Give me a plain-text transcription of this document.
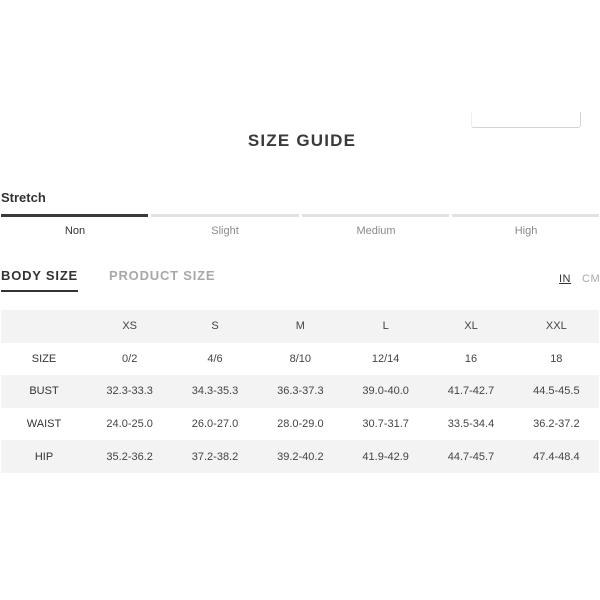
SIZE GUIDE
Stretch
Non	Slight	Medium	High
BODY SIZE PRODUCT SIZE	IN CM
	XS	S	M	L	XL	XXL
SIZE	0/2	4/6	8/10	12/14	16	18
BUST	32.3-33.3	34.3-35.3	36.3-37.3	39.0-40.0	41.7-42.7	44.5-45.5
WAIST	24.0-25.0	26.0-27.0	28.0-29.0	30.7-31.7	33.5-34.4	36.2-37.2
HIP	35.2-36.2	37.2-38.2	39.2-40.2	41.9-42.9	44.7-45.7	47.4-48.4
